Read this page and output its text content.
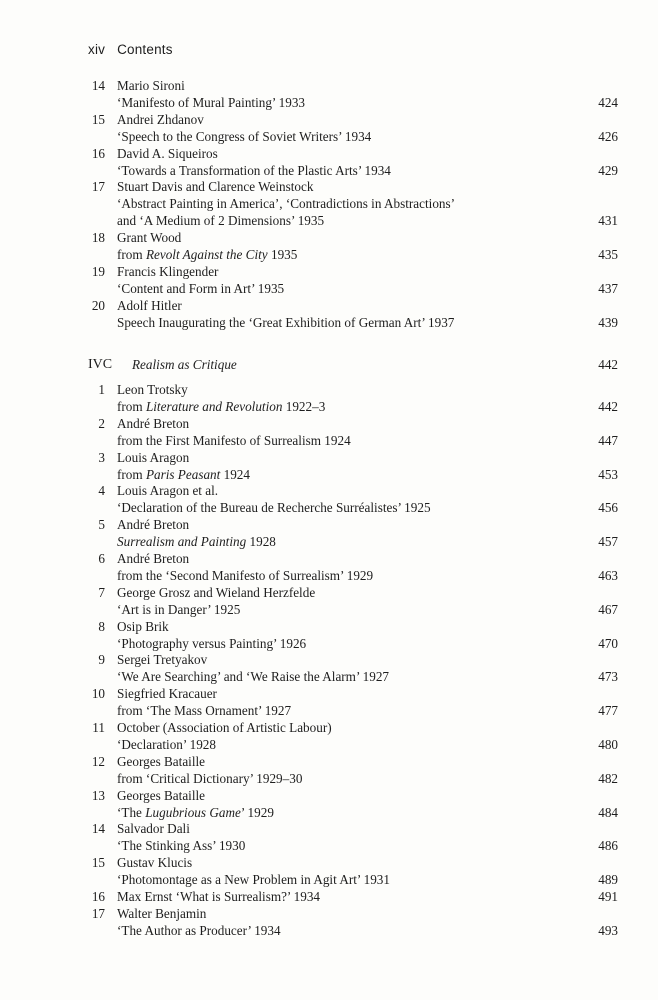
xiv Contents
14 Mario Sironi
‘Manifesto of Mural Painting’ 1933	424
15 Andrei Zhdanov
‘Speech to the Congress of Soviet Writers’ 1934	426
16 David A. Siqueiros
‘Towards a Transformation of the Plastic Arts’ 1934	429
17 Stuart Davis and Clarence Weinstock
‘Abstract Painting in America’, ‘Contradictions in Abstractions’
and ‘A Medium of 2 Dimensions’ 1935	431
18 Grant Wood
from Revolt Against the City 1935	435
19 Francis Klingender
‘Content and Form in Art’ 1935	437
20 Adolf Hitler
Speech Inaugurating the ‘Great Exhibition of German Art’ 1937	439
IVC Realism as Critique	442
1 Leon Trotsky
from Literature and Revolution 1922–3	442
2 André Breton
from the First Manifesto of Surrealism 1924	447
3 Louis Aragon
from Paris Peasant 1924	453
4 Louis Aragon et al.
‘Declaration of the Bureau de Recherche Surréalistes’ 1925	456
5 André Breton
Surrealism and Painting 1928	457
6 André Breton
from the ‘Second Manifesto of Surrealism’ 1929	463
7 George Grosz and Wieland Herzfelde
‘Art is in Danger’ 1925	467
8 Osip Brik
‘Photography versus Painting’ 1926	470
9 Sergei Tretyakov
‘We Are Searching’ and ‘We Raise the Alarm’ 1927	473
10 Siegfried Kracauer
from ‘The Mass Ornament’ 1927	477
11 October (Association of Artistic Labour)
‘Declaration’ 1928	480
12 Georges Bataille
from ‘Critical Dictionary’ 1929–30	482
13 Georges Bataille
‘The Lugubrious Game’ 1929	484
14 Salvador Dali
‘The Stinking Ass’ 1930	486
15 Gustav Klucis
‘Photomontage as a New Problem in Agit Art’ 1931	489
16 Max Ernst ‘What is Surrealism?’ 1934	491
17 Walter Benjamin
‘The Author as Producer’ 1934	493
